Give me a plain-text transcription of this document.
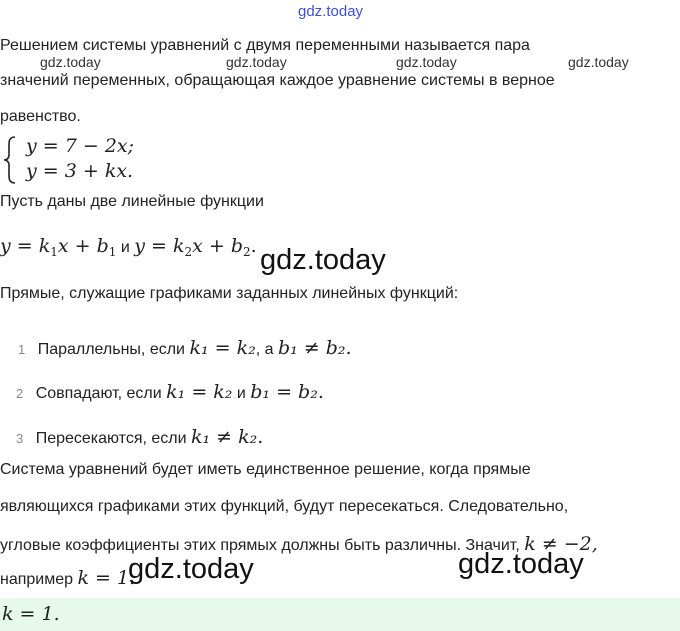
gdz.today
Решением системы уравнений с двумя переменными называется пара
gdz.today	gdz.today	gdz.today	gdz.today
значений переменных, обращающая каждое уравнение системы в верное
равенство.
y = 7 − 2x;
y = 3 + kx.
Пусть даны две линейные функции
$y = k_1x + b_1$ и $y = k_2x + b_2$. gdz.today
Прямые, служащие графиками заданных линейных функций:
1 Параллельны, если k₁ = k₂, а b₁ ≠ b₂.
2 Совпадают, если k₁ = k₂ и b₁ = b₂.
3 Пересекаются, если k₁ ≠ k₂.
Система уравнений будет иметь единственное решение, когда прямые
являющихся графиками этих функций, будут пересекаться. Следовательно,
угловые коэффициенты этих прямых должны быть различны. Значит, k ≠ −2,
например k = 1.
gdz.today	gdz.today
k = 1.
